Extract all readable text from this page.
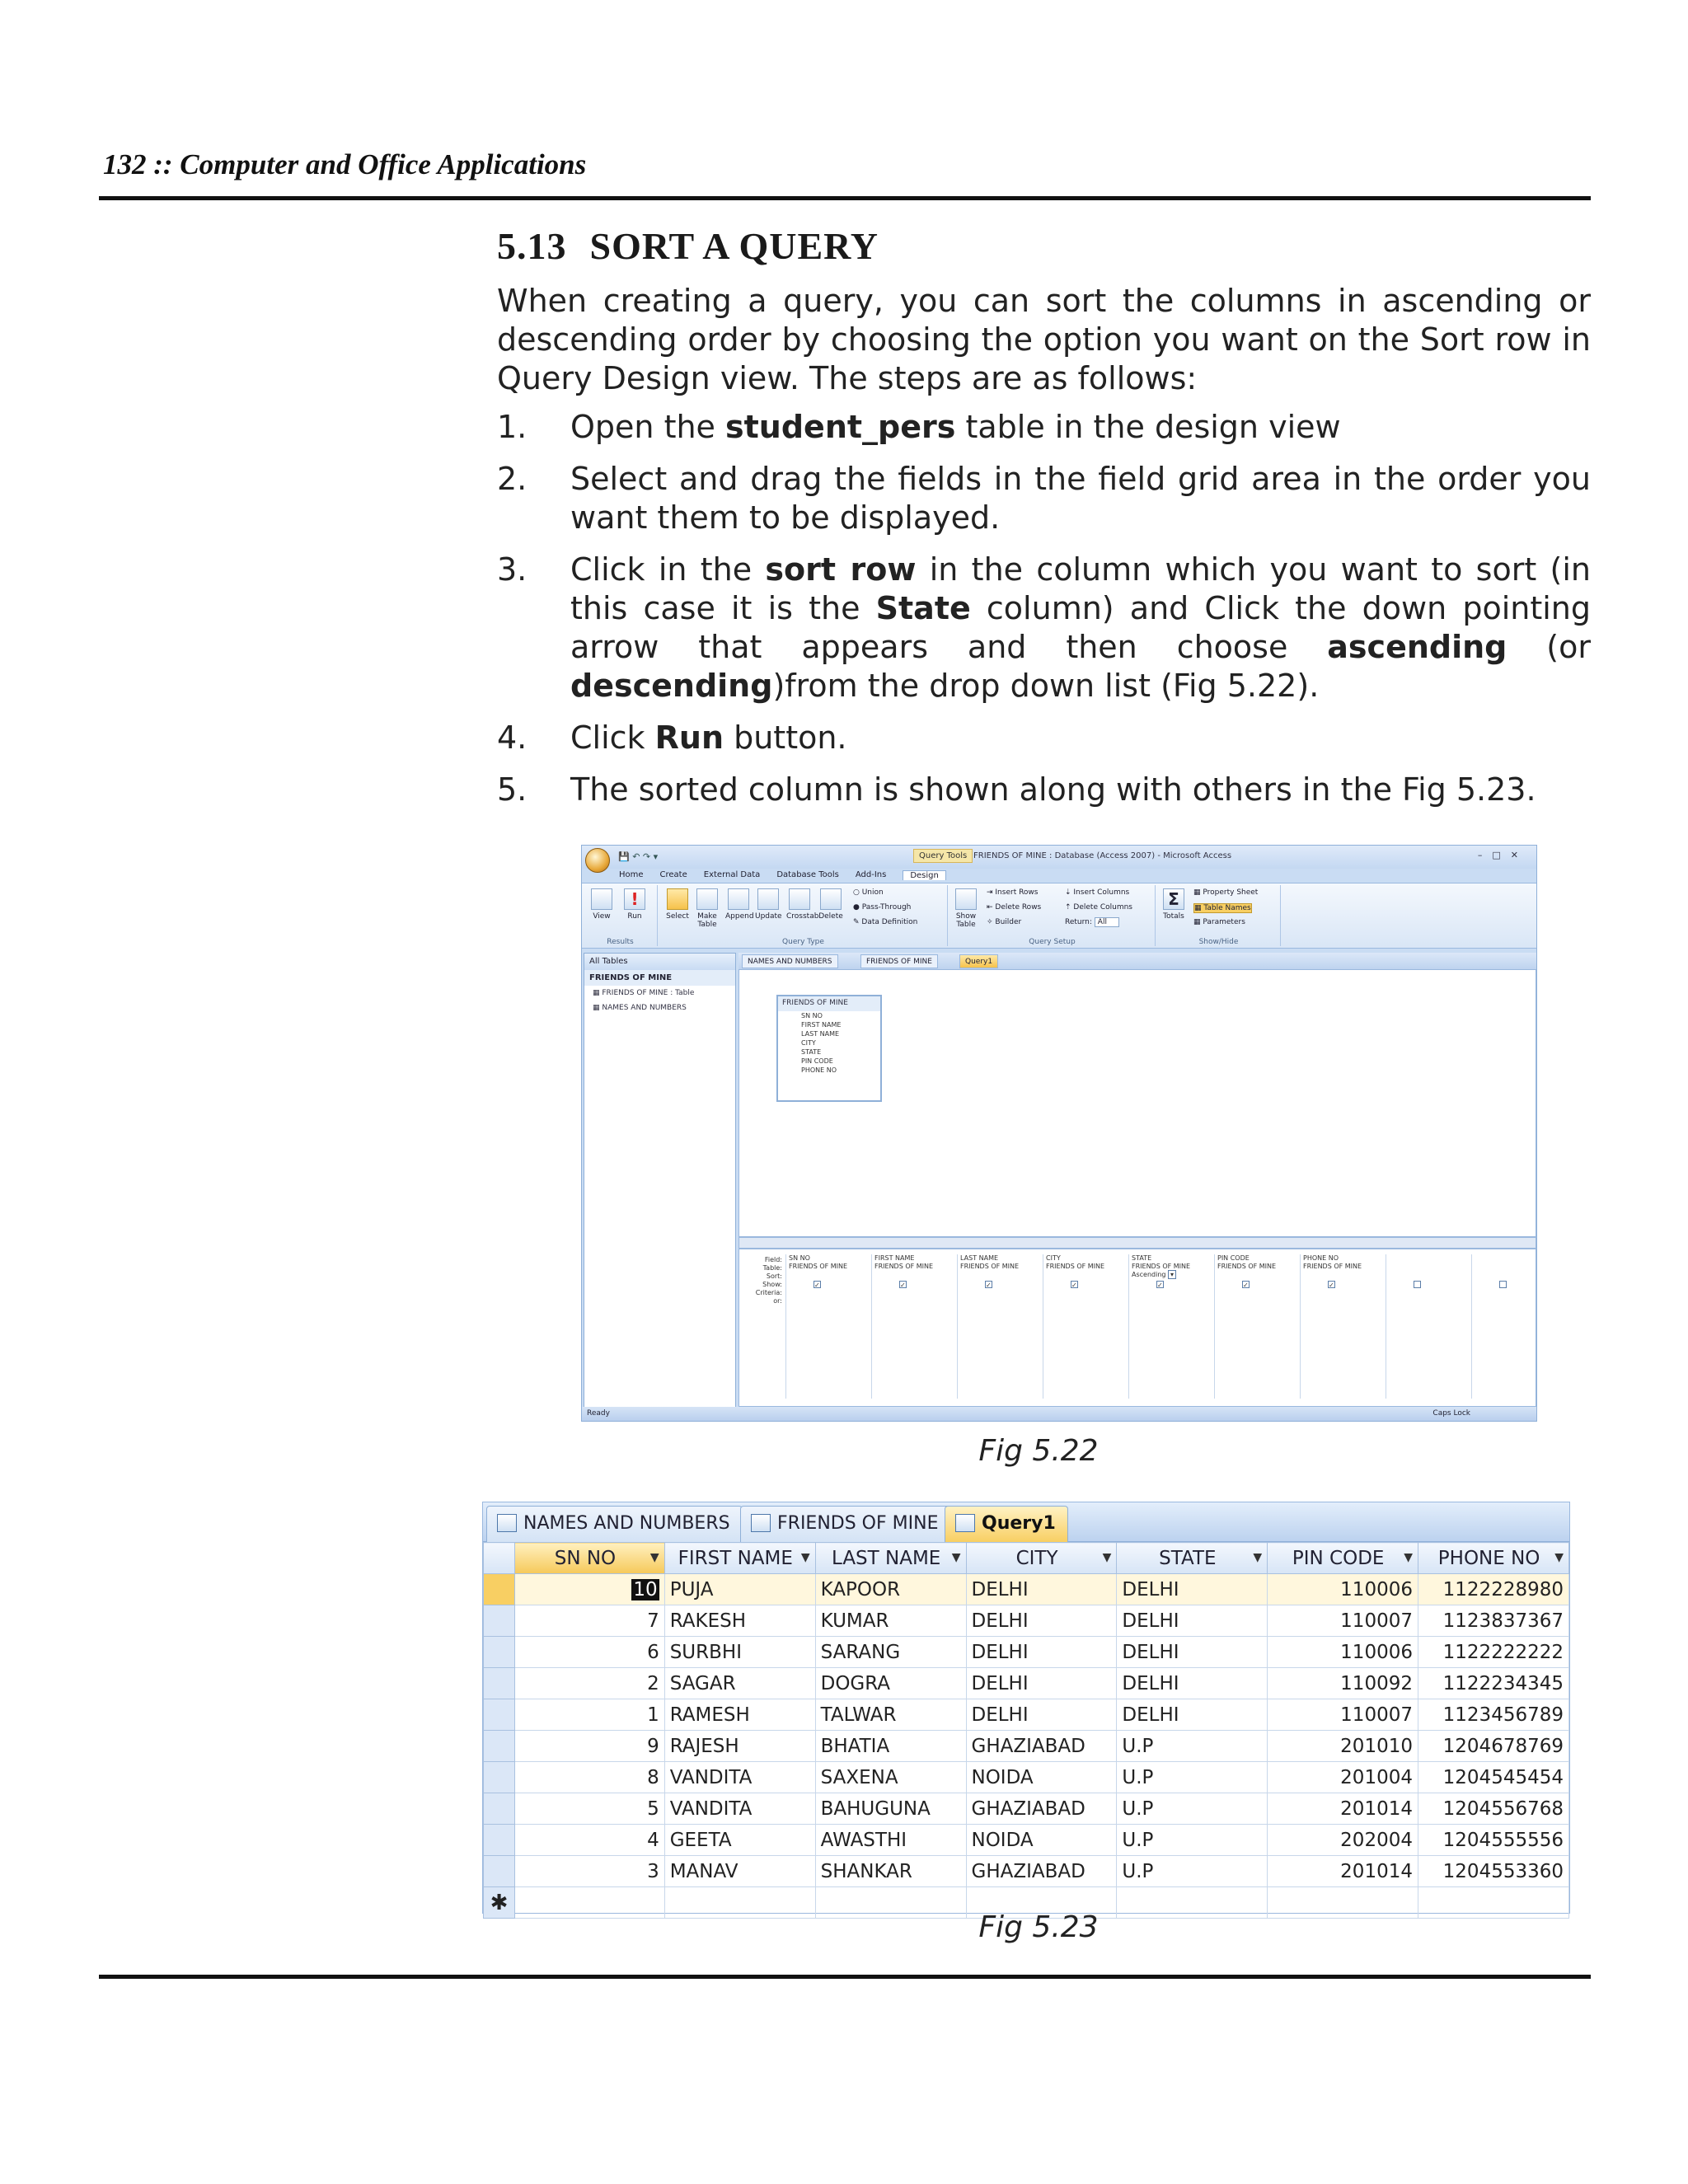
132 :: Computer and Office Applications
5.13 SORT A QUERY

When creating a query, you can sort the columns in ascending or descending order by choosing the option you want on the Sort row in Query Design view. The steps are as follows:

1. Open the student_pers table in the design view
2. Select and drag the fields in the field grid area in the order you want them to be displayed.
3. Click in the sort row in the column which you want to sort (in this case it is the State column) and Click the down pointing arrow that appears and then choose ascending (or descending)from the drop down list (Fig 5.22).
4. Click Run button.
5. The sorted column is shown along with others in the Fig 5.23.
💾 ↶ ↷ ▾	Query Tools FRIENDS OF MINE : Database (Access 2007) - Microsoft Access	–□✕
Home Create External Data Database Tools Add-Ins	Design
View
!
Run
Results
Select	Make Table
Append Update Crosstab Delete
○ Union
● Pass-Through
✎ Data Definition
Query Type
Show Table
⇥ Insert Rows
⇤ Delete Rows
✧ Builder
⇣ Insert Columns
⇡ Delete Columns
Return: All
Query Setup
Σ
Totals
▦ Property Sheet
▦ Table Names
▦ Parameters
Show/Hide
All Tables
FRIENDS OF MINE
▦ FRIENDS OF MINE : Table
▦ NAMES AND NUMBERS
NAMES AND NUMBERS	FRIENDS OF MINE	Query1
FRIENDS OF MINE
SN NO
FIRST NAME
LAST NAME
CITY
STATE
PIN CODE
PHONE NO
Field:
Table:
Sort:
Show:
Criteria:
or:
SN NO
FRIENDS OF MINE

✓
FIRST NAME
FRIENDS OF MINE

✓
LAST NAME
FRIENDS OF MINE

✓
CITY
FRIENDS OF MINE

✓
STATE
FRIENDS OF MINE
Ascending ▾
✓
PIN CODE
FRIENDS OF MINE

✓
PHONE NO
FRIENDS OF MINE

✓

Ready	Caps Lock
Fig 5.22
NAMES AND NUMBERS	FRIENDS OF MINE	Query1
	SN NO ▼	FIRST NAME ▼	LAST NAME ▼	CITY ▼	STATE ▼	PIN CODE ▼	PHONE NO ▼

	10	PUJA	KAPOOR	DELHI	DELHI	110006	1122228980
	7	RAKESH	KUMAR	DELHI	DELHI	110007	1123837367
	6	SURBHI	SARANG	DELHI	DELHI	110006	1122222222
	2	SAGAR	DOGRA	DELHI	DELHI	110092	1122234345
	1	RAMESH	TALWAR	DELHI	DELHI	110007	1123456789
	9	RAJESH	BHATIA	GHAZIABAD	U.P	201010	1204678769
	8	VANDITA	SAXENA	NOIDA	U.P	201004	1204545454
	5	VANDITA	BAHUGUNA	GHAZIABAD	U.P	201014	1204556768
	4	GEETA	AWASTHI	NOIDA	U.P	202004	1204555556
	3	MANAV	SHANKAR	GHAZIABAD	U.P	201014	1204553360
✱							
Fig 5.23
